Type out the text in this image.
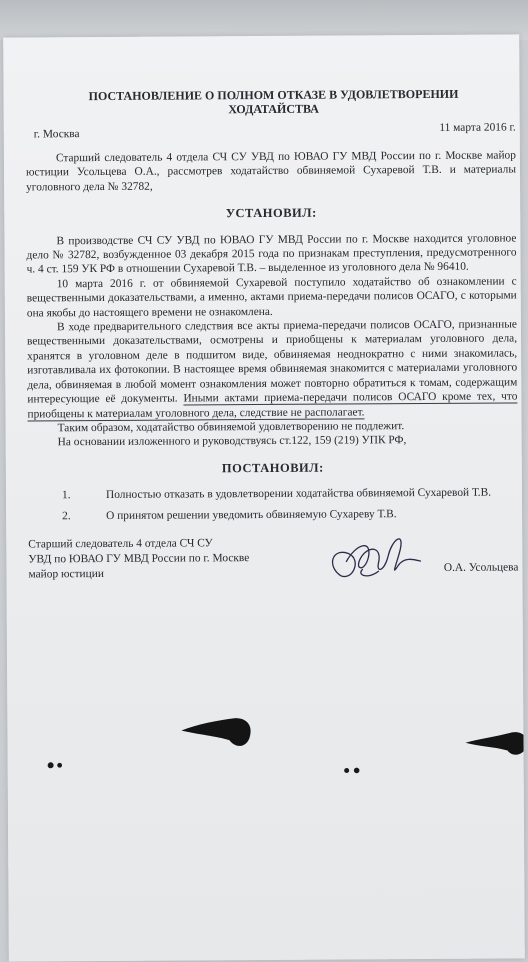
ПОСТАНОВЛЕНИЕ О ПОЛНОМ ОТКАЗЕ В УДОВЛЕТВОРЕНИИ ХОДАТАЙСТВА
г. Москва
11 марта 2016 г.

Старший следователь 4 отдела СЧ СУ УВД по ЮВАО ГУ МВД России по г. Москве майор юстиции Усольцева О.А., рассмотрев ходатайство обвиняемой Сухаревой Т.В. и материалы уголовного дела № 32782,

УСТАНОВИЛ:

В производстве СЧ СУ УВД по ЮВАО ГУ МВД России по г. Москве находится уголовное дело № 32782, возбужденное 03 декабря 2015 года по признакам преступления, предусмотренного ч. 4 ст. 159 УК РФ в отношении Сухаревой Т.В. – выделенное из уголовного дела № 96410.

10 марта 2016 г. от обвиняемой Сухаревой поступило ходатайство об ознакомлении с вещественными доказательствами, а именно, актами приема-передачи полисов ОСАГО, с которыми она якобы до настоящего времени не ознакомлена.

В ходе предварительного следствия все акты приема-передачи полисов ОСАГО, признанные вещественными доказательствами, осмотрены и приобщены к материалам уголовного дела, хранятся в уголовном деле в подшитом виде, обвиняемая неоднократно с ними знакомилась, изготавливала их фотокопии. В настоящее время обвиняемая знакомится с материалами уголовного дела, обвиняемая в любой момент ознакомления может повторно обратиться к томам, содержащим интересующие её документы. Иными актами приема-передачи полисов ОСАГО кроме тех, что приобщены к материалам уголовного дела, следствие не располагает.

Таким образом, ходатайство обвиняемой удовлетворению не подлежит.

На основании изложенного и руководствуясь ст.122, 159 (219) УПК РФ,

ПОСТАНОВИЛ:
1.	Полностью отказать в удовлетворении ходатайства обвиняемой Сухаревой Т.В.
2.	О принятом решении уведомить обвиняемую Сухареву Т.В.
Старший следователь 4 отдела СЧ СУ
УВД по ЮВАО ГУ МВД России по г. Москве
майор юстиции
О.А. Усольцева
